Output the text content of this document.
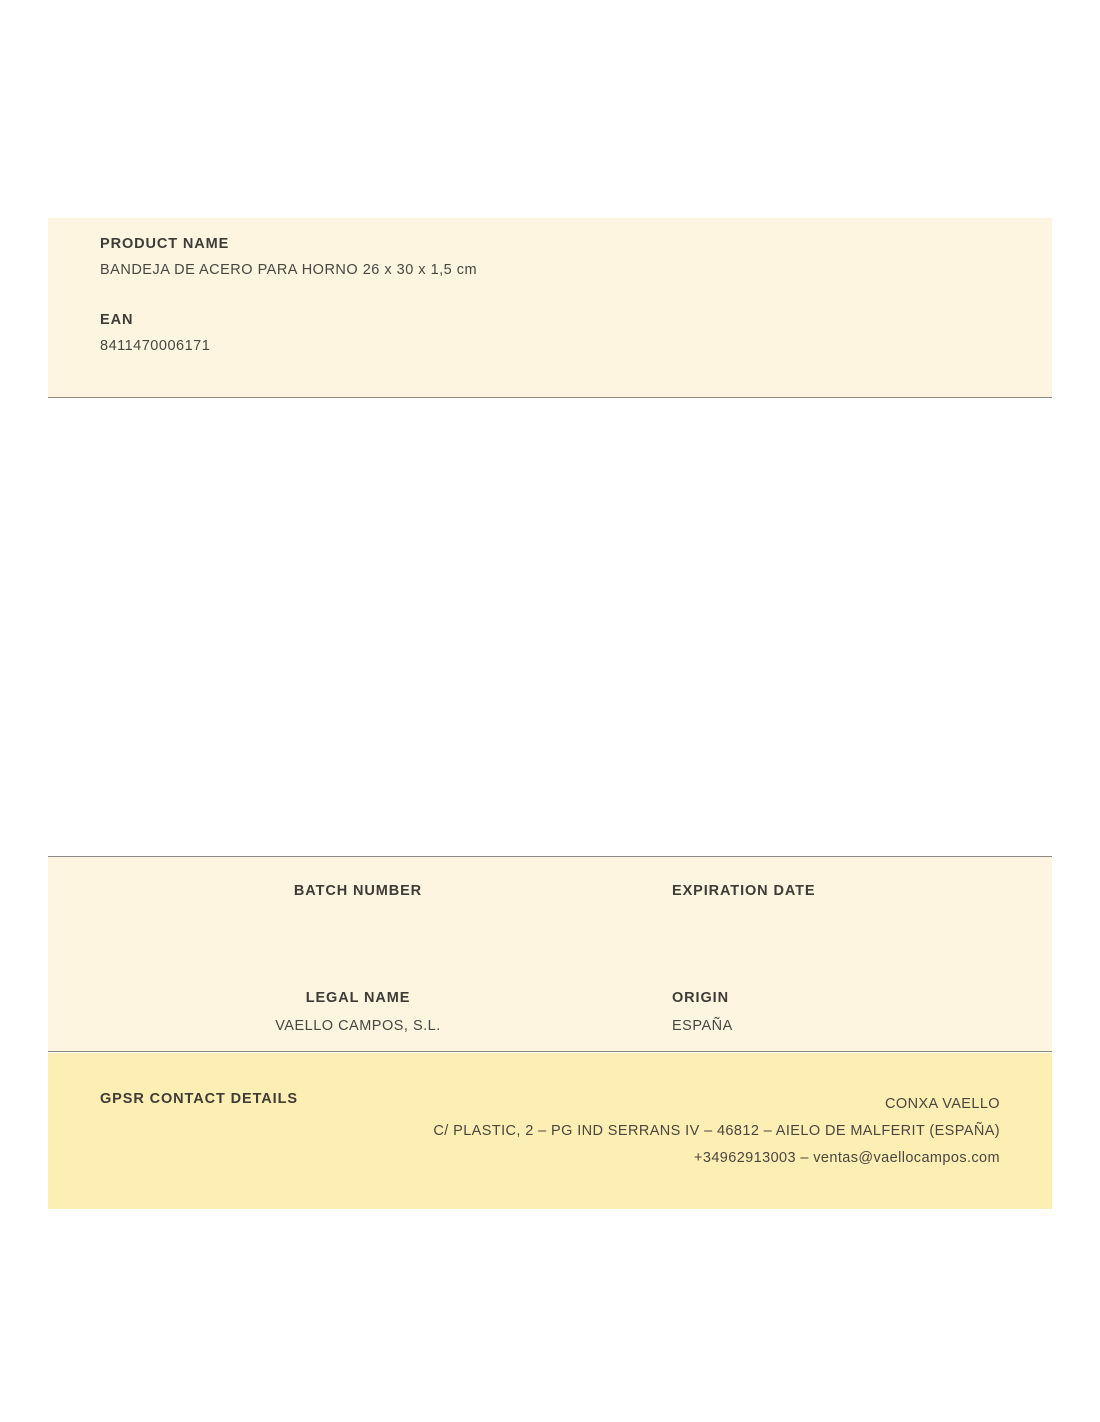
PRODUCT NAME

BANDEJA DE ACERO PARA HORNO 26 x 30 x 1,5 cm

EAN

8411470006171

BATCH NUMBER	EXPIRATION DATE

LEGAL NAME

VAELLO CAMPOS, S.L.

ORIGIN

ESPAÑA

GPSR CONTACT DETAILS	CONXA VAELLO

C/ PLASTIC, 2 – PG IND SERRANS IV – 46812 – AIELO DE MALFERIT (ESPAÑA)

+34962913003 – ventas@vaellocampos.com
